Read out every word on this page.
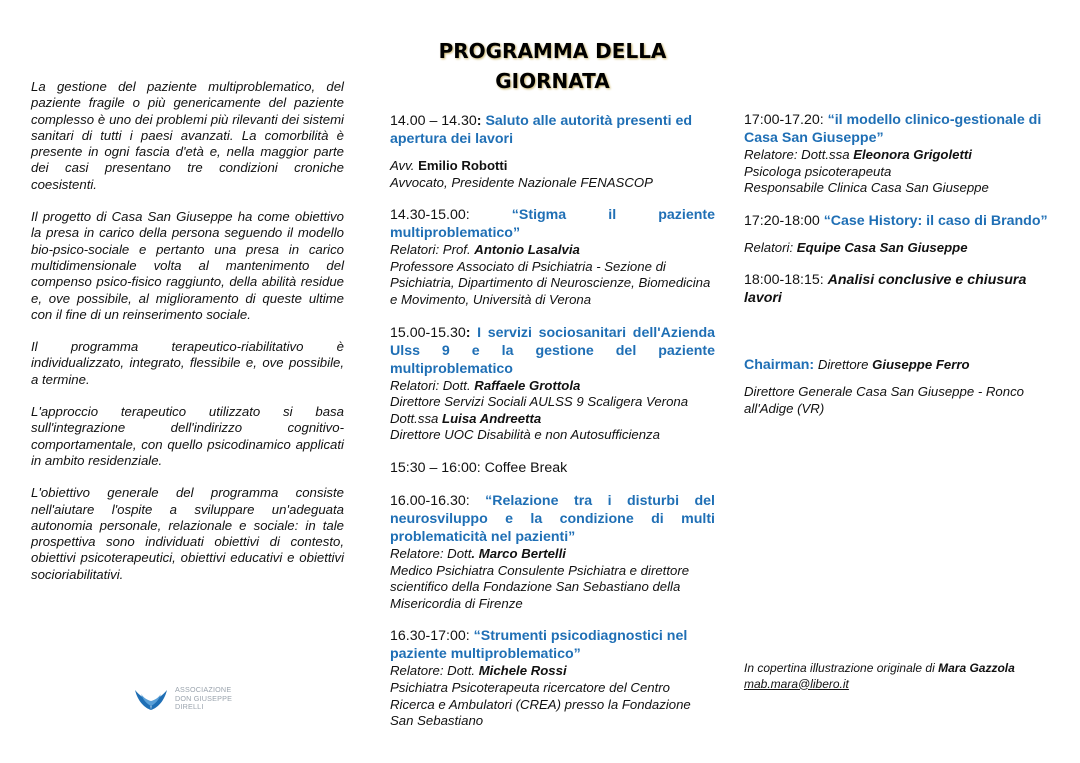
PROGRAMMA DELLA
GIORNATA

La gestione del paziente multiproblematico, del paziente fragile o più genericamente del paziente complesso è uno dei problemi più rilevanti dei sistemi sanitari di tutti i paesi avanzati. La comorbilità è presente in ogni fascia d'età e, nella maggior parte dei casi presentano tre condizioni croniche coesistenti.

Il progetto di Casa San Giuseppe ha come obiettivo la presa in carico della persona seguendo il modello bio-psico-sociale e pertanto una presa in carico multidimensionale volta al mantenimento del compenso psico-fisico raggiunto, della abilità residue e, ove possibile, al miglioramento di queste ultime con il fine di un reinserimento sociale.

Il programma terapeutico-riabilitativo è individualizzato, integrato, flessibile e, ove possibile, a termine.

L'approccio terapeutico utilizzato si basa sull'integrazione dell'indirizzo cognitivo-comportamentale, con quello psicodinamico applicati in ambito residenziale.

L'obiettivo generale del programma consiste nell'aiutare l'ospite a sviluppare un'adeguata autonomia personale, relazionale e sociale: in tale prospettiva sono individuati obiettivi di contesto, obiettivi psicoterapeutici, obiettivi educativi e obiettivi socioriabilitativi.

14.00 – 14.30: Saluto alle autorità presenti ed apertura dei lavori
Avv. Emilio Robotti
Avvocato, Presidente Nazionale FENASCOP
14.30-15.00:	“Stigma il paziente multiproblematico”
Relatori: Prof. Antonio Lasalvia
Professore Associato di Psichiatria - Sezione di Psichiatria, Dipartimento di Neuroscienze, Biomedicina e Movimento, Università di Verona
15.00-15.30: I servizi sociosanitari dell'Azienda Ulss 9 e la gestione del paziente multiproblematico
Relatori: Dott. Raffaele Grottola
Direttore Servizi Sociali AULSS 9 Scaligera Verona
Dott.ssa Luisa Andreetta
Direttore UOC Disabilità e non Autosufficienza
15:30 – 16:00: Coffee Break
16.00-16.30: “Relazione tra i disturbi del neurosviluppo e la condizione di multi problematicità nel pazienti”
Relatore: Dott. Marco Bertelli
Medico Psichiatra Consulente Psichiatra e direttore scientifico della Fondazione San Sebastiano della Misericordia di Firenze
16.30-17:00: “Strumenti psicodiagnostici nel paziente multiproblematico”
Relatore: Dott. Michele Rossi
Psichiatra Psicoterapeuta ricercatore del Centro Ricerca e Ambulatori (CREA) presso la Fondazione San Sebastiano
17:00-17.20: “il modello clinico-gestionale di Casa San Giuseppe”
Relatore: Dott.ssa Eleonora Grigoletti
Psicologa psicoterapeuta
Responsabile Clinica Casa San Giuseppe
17:20-18:00 “Case History: il caso di Brando”
Relatori: Equipe Casa San Giuseppe
18:00-18:15: Analisi conclusive e chiusura lavori
Chairman: Direttore Giuseppe Ferro
Direttore Generale Casa San Giuseppe - Ronco all'Adige (VR)
In copertina illustrazione originale di Mara Gazzola
mab.mara@libero.it
ASSOCIAZIONE
DON GIUSEPPE
DIRELLI
